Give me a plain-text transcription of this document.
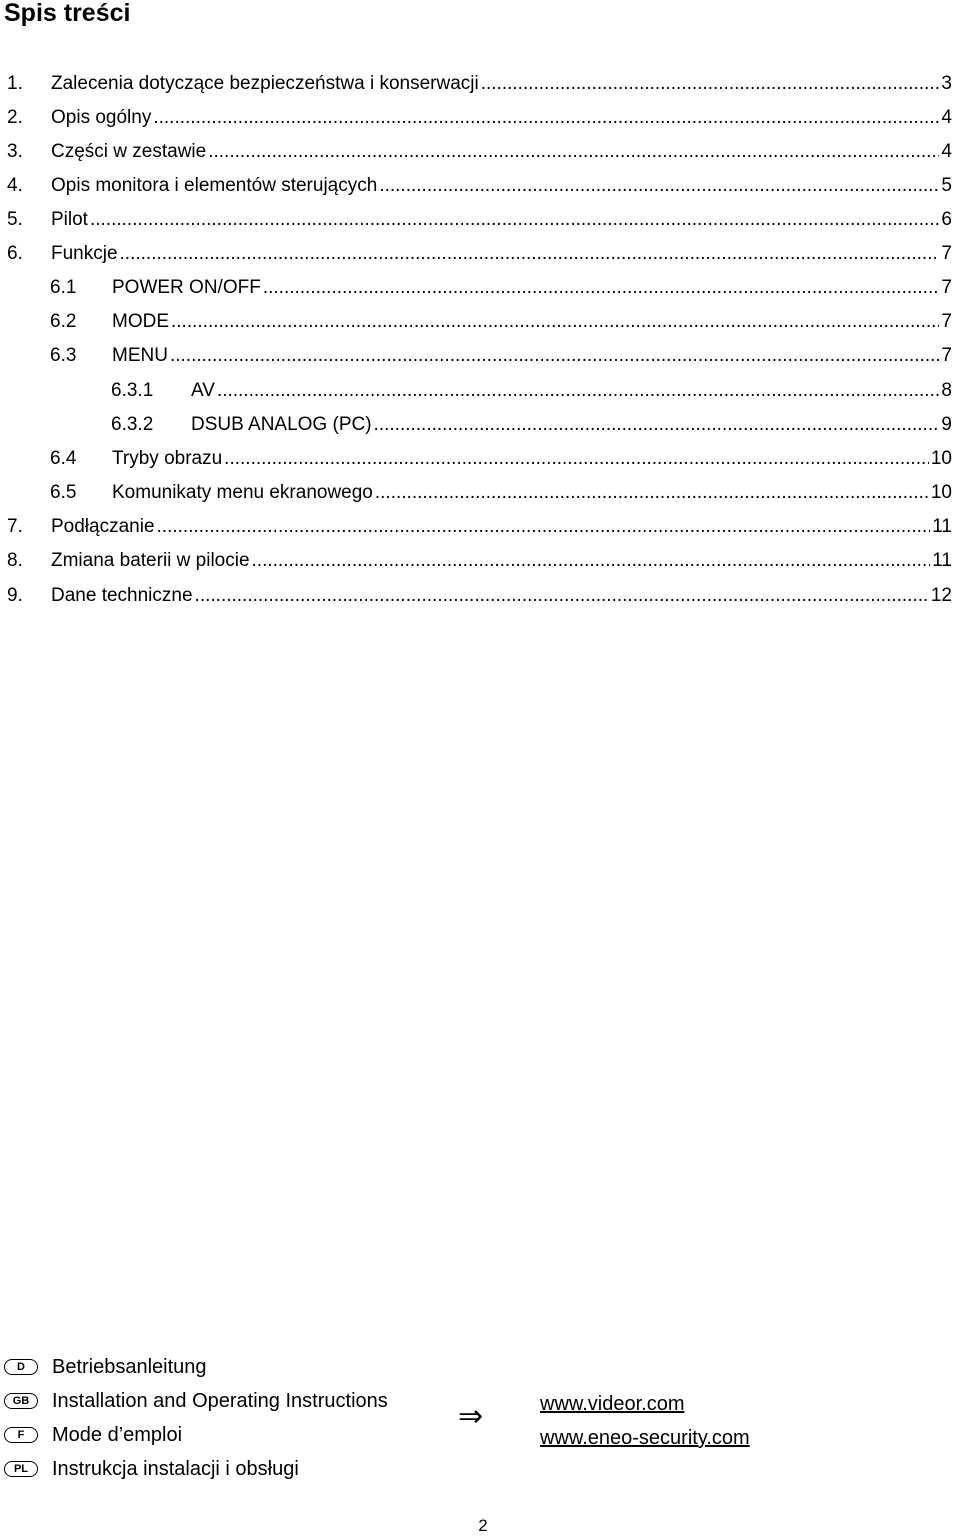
Spis treści
1.	Zalecenia dotyczące bezpieczeństwa i konserwacji .....	3
2.	Opis ogólny .....	4
3.	Części w zestawie .....	4
4.	Opis monitora i elementów sterujących .....	5
5.	Pilot .....	6
6.	Funkcje .....	7
6.1	POWER ON/OFF .....	7
6.2	MODE .....	7
6.3	MENU .....	7
6.3.1	AV .....	8
6.3.2	DSUB ANALOG (PC) .....	9
6.4	Tryby obrazu .....	10
6.5	Komunikaty menu ekranowego .....	10
7.	Podłączanie .....	11
8.	Zmiana baterii w pilocie .....	11
9.	Dane techniczne .....	12
D	Betriebsanleitung
GB	Installation and Operating Instructions
F	Mode d’emploi
PL	Instrukcja instalacji i obsługi
⇒	www.videor.com
www.eneo-security.com
2
